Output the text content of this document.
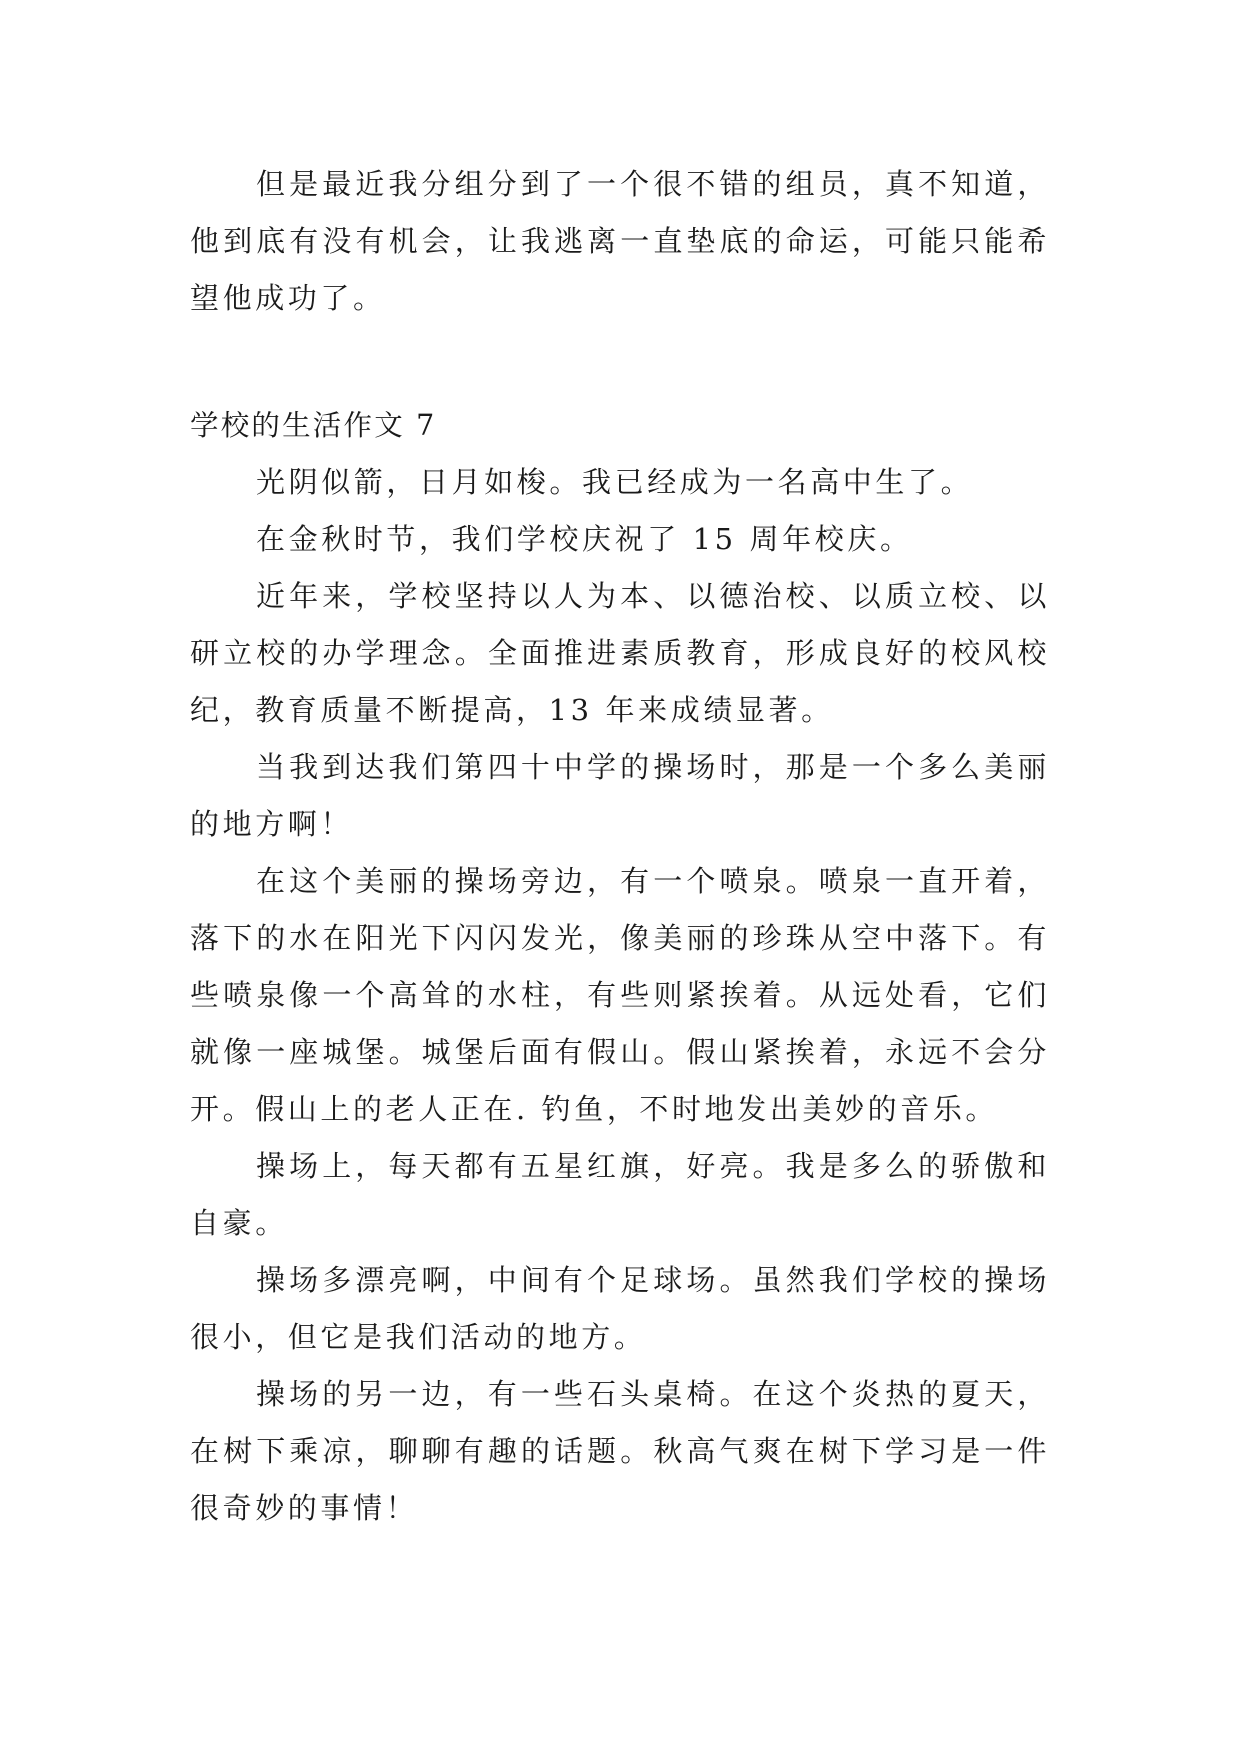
但是最近我分组分到了一个很不错的组员，真不知道，他到底有没有机会，让我逃离一直垫底的命运，可能只能希望他成功了。

学校的生活作文 7

光阴似箭，日月如梭。我已经成为一名高中生了。

在金秋时节，我们学校庆祝了 15 周年校庆。

近年来，学校坚持以人为本、以德治校、以质立校、以研立校的办学理念。全面推进素质教育，形成良好的校风校纪，教育质量不断提高，13 年来成绩显著。

当我到达我们第四十中学的操场时，那是一个多么美丽的地方啊！

在这个美丽的操场旁边，有一个喷泉。喷泉一直开着，落下的水在阳光下闪闪发光，像美丽的珍珠从空中落下。有些喷泉像一个高耸的水柱，有些则紧挨着。从远处看，它们就像一座城堡。城堡后面有假山。假山紧挨着，永远不会分开。假山上的老人正在. 钓鱼，不时地发出美妙的音乐。

操场上，每天都有五星红旗，好亮。我是多么的骄傲和自豪。

操场多漂亮啊，中间有个足球场。虽然我们学校的操场很小，但它是我们活动的地方。

操场的另一边，有一些石头桌椅。在这个炎热的夏天，在树下乘凉，聊聊有趣的话题。秋高气爽在树下学习是一件很奇妙的事情！
